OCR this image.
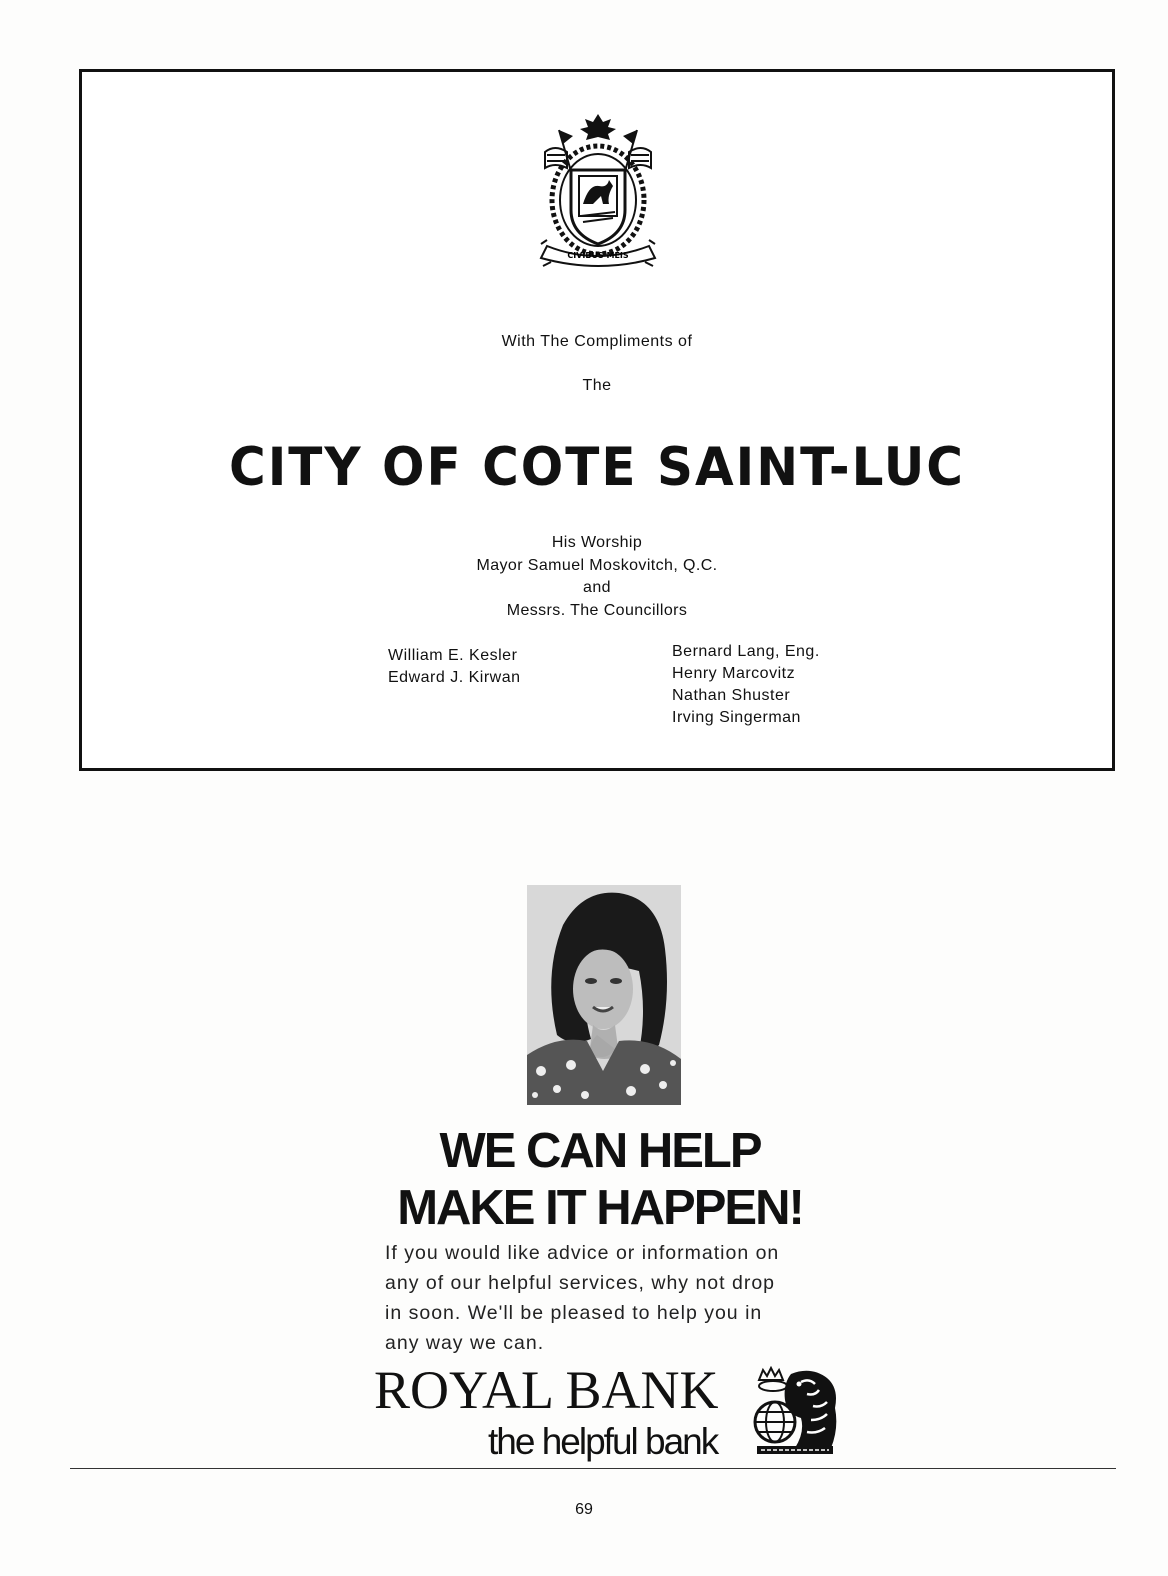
CIVIBUS MEIS
With The Compliments of
The
CITY OF COTE SAINT-LUC
His Worship
Mayor Samuel Moskovitch, Q.C.
and
Messrs. The Councillors
William E. Kesler
Edward J. Kirwan
Bernard Lang, Eng.
Henry Marcovitz
Nathan Shuster
Irving Singerman
WE CAN HELP
MAKE IT HAPPEN!
If you would like advice or information on
any of our helpful services, why not drop
in soon. We'll be pleased to help you in
any way we can.
ROYAL BANK
the helpful bank
69
